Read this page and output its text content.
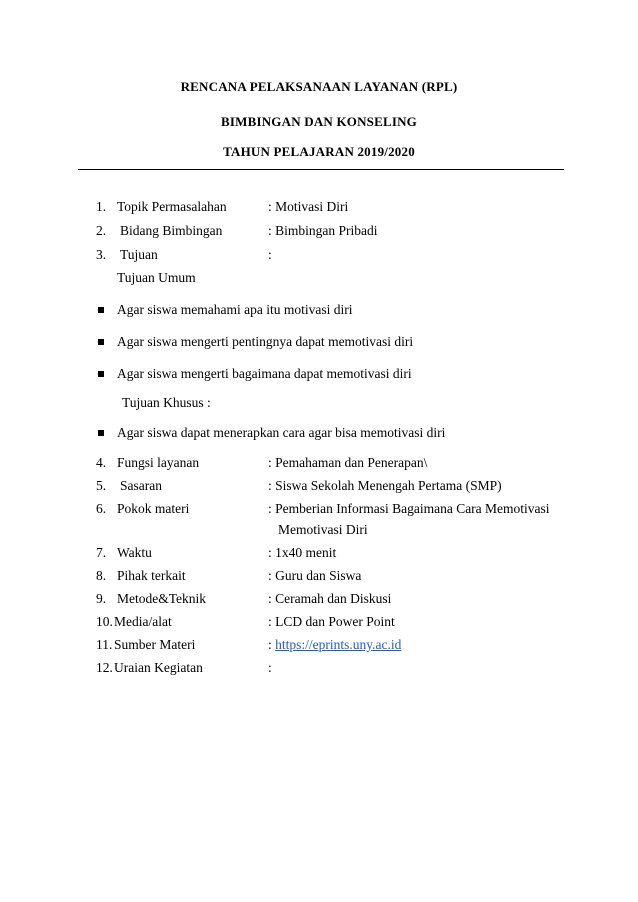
RENCANA PELAKSANAAN LAYANAN (RPL)
BIMBINGAN DAN KONSELING
TAHUN PELAJARAN 2019/2020
1. Topik Permasalahan	: Motivasi Diri
2. Bidang Bimbingan	: Bimbingan Pribadi
3. Tujuan	:
Tujuan Umum
Agar siswa memahami apa itu motivasi diri
Agar siswa mengerti pentingnya dapat memotivasi diri
Agar siswa mengerti bagaimana dapat memotivasi diri
Tujuan Khusus :
Agar siswa dapat menerapkan cara agar bisa memotivasi diri
4. Fungsi layanan	: Pemahaman dan Penerapan\
5. Sasaran	: Siswa Sekolah Menengah Pertama (SMP)
6. Pokok materi	: Pemberian Informasi Bagaimana Cara Memotivasi
Memotivasi Diri
7. Waktu	: 1x40 menit
8. Pihak terkait	: Guru dan Siswa
9. Metode&Teknik	: Ceramah dan Diskusi
10. Media/alat	: LCD dan Power Point
11. Sumber Materi	: https://eprints.uny.ac.id
12. Uraian Kegiatan	:
